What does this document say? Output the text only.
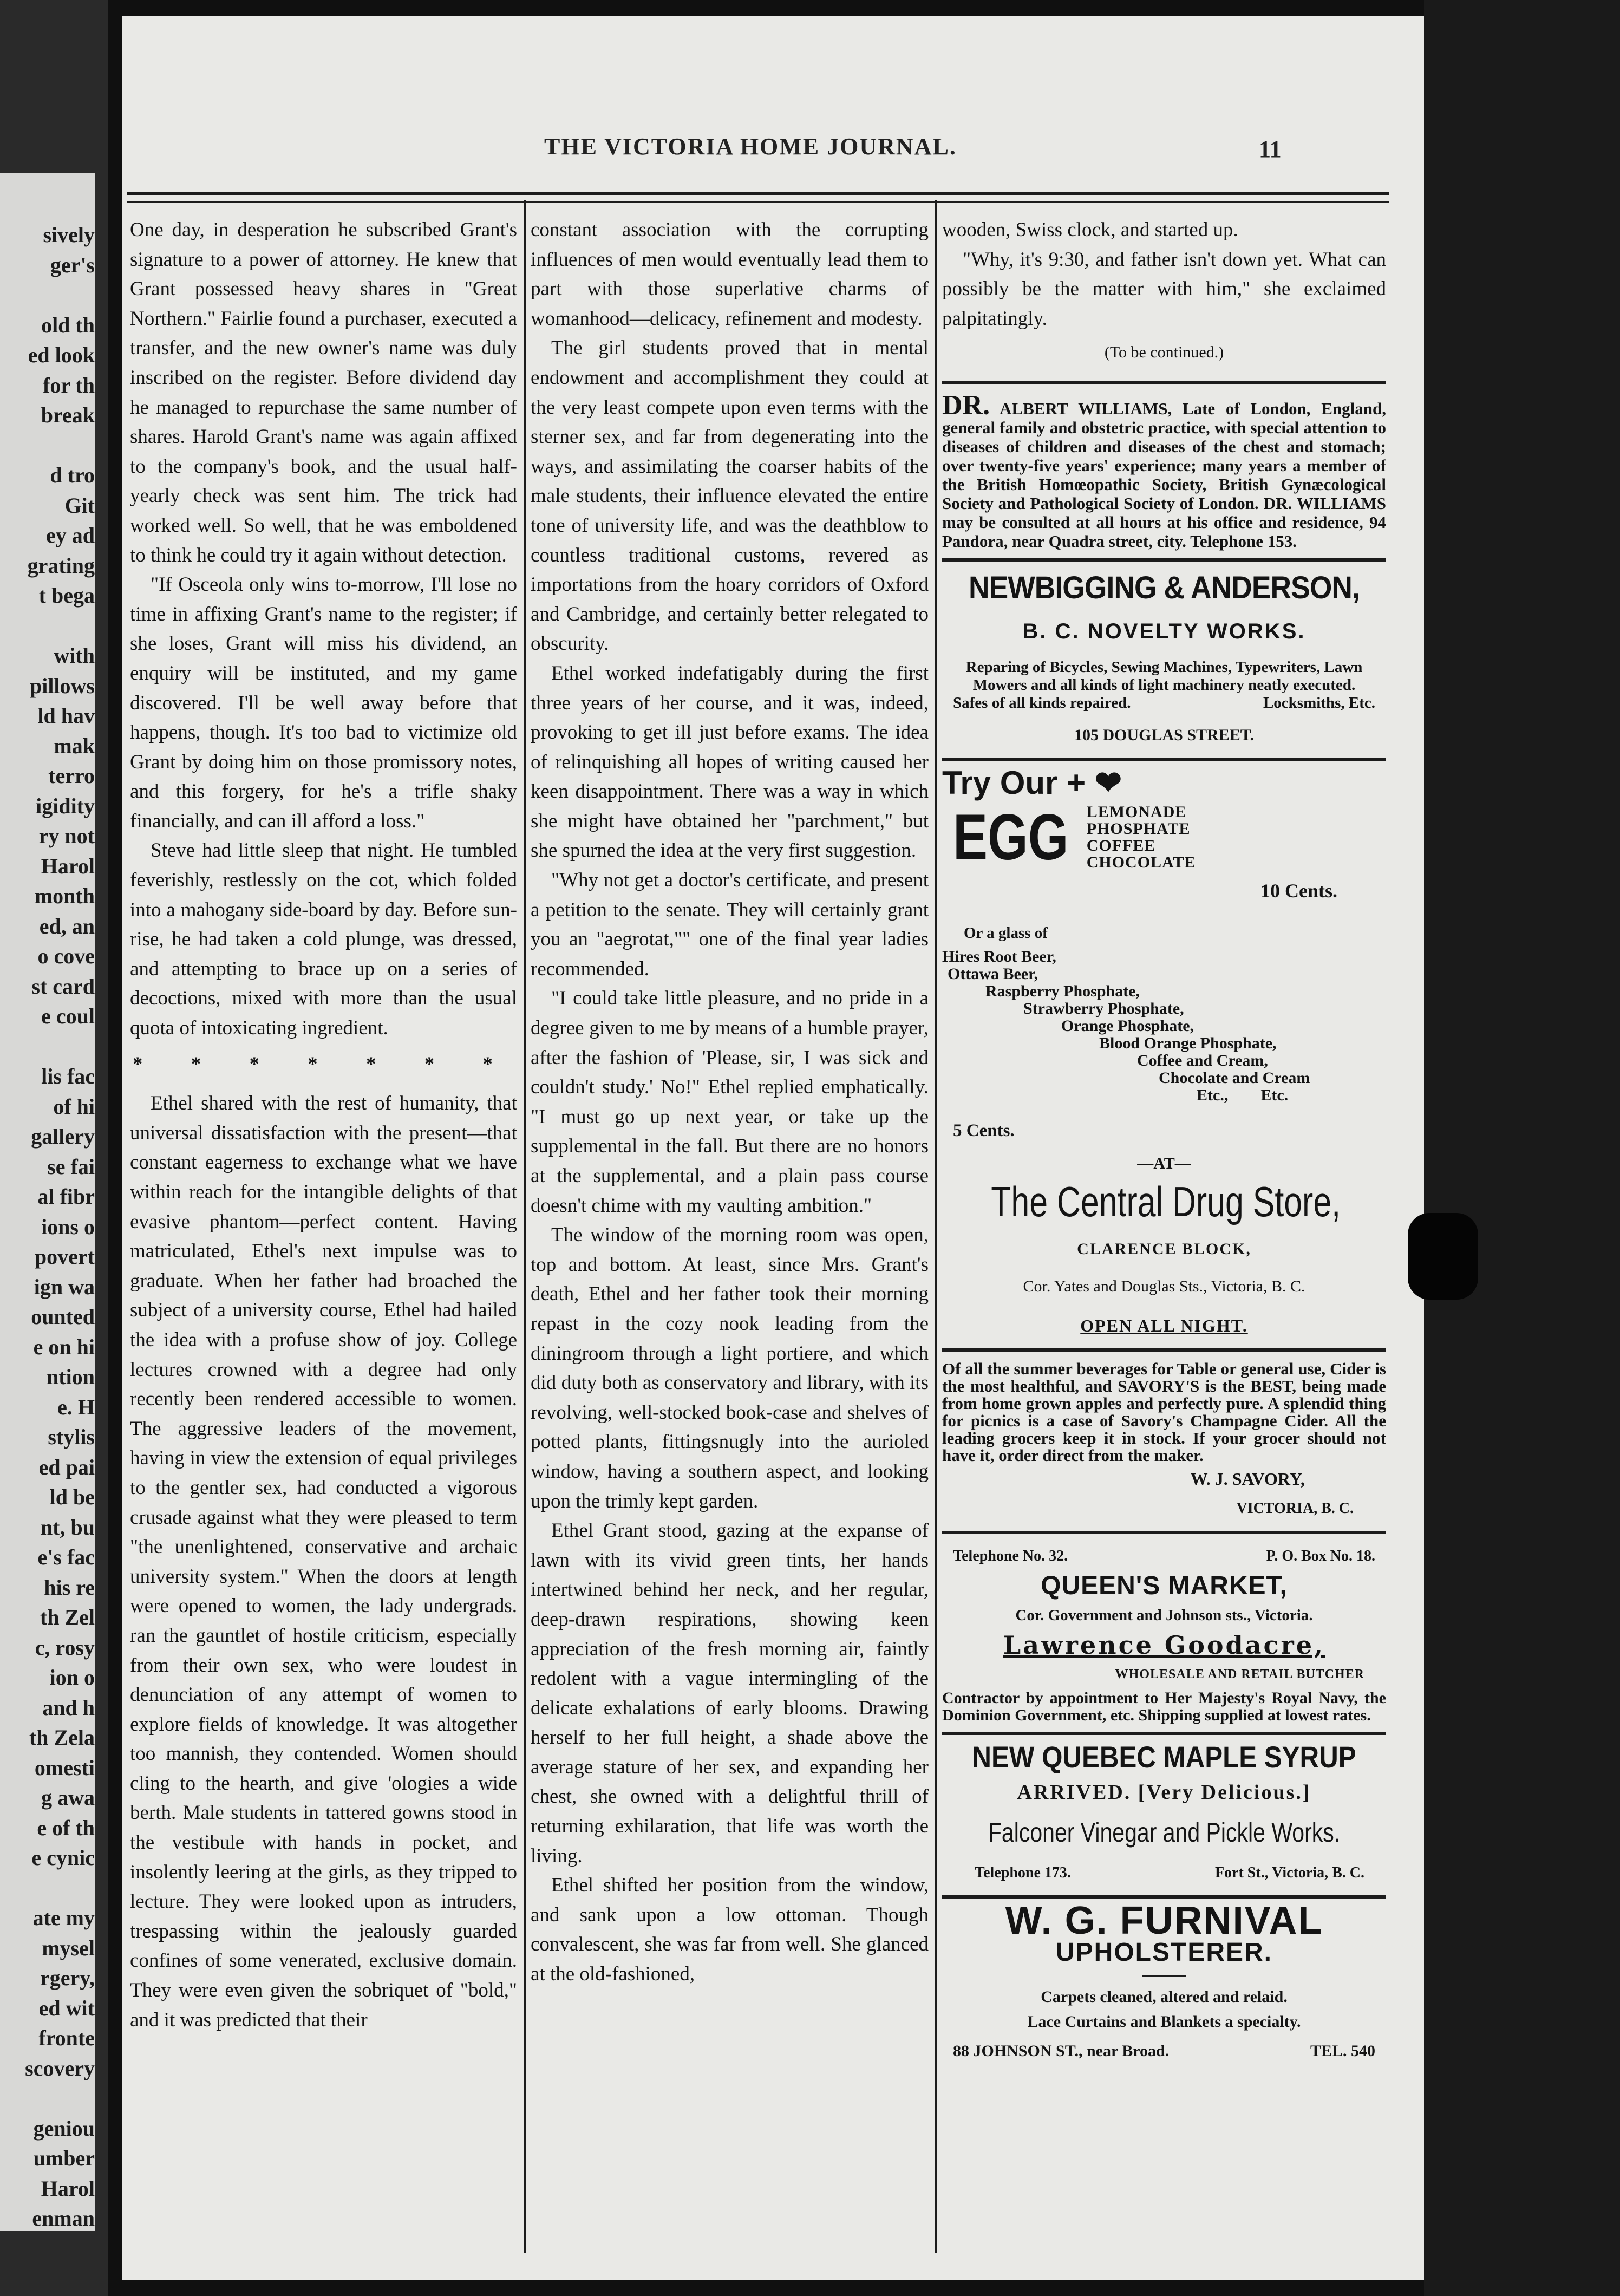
sively
ger's
old th
ed look
for th
break
d tro
Git
ey ad
grating
t bega
with
pillows
ld hav
mak
terro
igidity
ry not
Harol
month
ed, an
o cove
st card
e coul
lis fac
of hi
gallery
se fai
al fibr
ions o
povert
ign wa
ounted
e on hi
ntion
e. H
stylis
ed pai
ld be
nt, bu
e's fac
his re
th Zel
c, rosy
ion o
and h
th Zela
omesti
g awa
e of th
e cynic
ate my
mysel
rgery,
ed wit
fronte
scovery
geniou
umber
Harol
enman
THE VICTORIA HOME JOURNAL.	11

One day, in desperation he subscribed Grant's signature to a power of attorney. He knew that Grant possessed heavy shares in "Great Northern." Fairlie found a purchaser, executed a transfer, and the new owner's name was duly inscribed on the register. Before dividend day he managed to repurchase the same number of shares. Harold Grant's name was again affixed to the company's book, and the usual half-yearly check was sent him. The trick had worked well. So well, that he was emboldened to think he could try it again without detection.

"If Osceola only wins to-morrow, I'll lose no time in affixing Grant's name to the register; if she loses, Grant will miss his dividend, an enquiry will be instituted, and my game discovered. I'll be well away before that happens, though. It's too bad to victimize old Grant by doing him on those promissory notes, and this forgery, for he's a trifle shaky financially, and can ill afford a loss."

Steve had little sleep that night. He tumbled feverishly, restlessly on the cot, which folded into a mahogany side-board by day. Before sun-rise, he had taken a cold plunge, was dressed, and attempting to brace up on a series of decoctions, mixed with more than the usual quota of intoxicating ingredient.

* * * * * * *

Ethel shared with the rest of humanity, that universal dissatisfaction with the present—that constant eagerness to exchange what we have within reach for the intangible delights of that evasive phantom—perfect content. Having matriculated, Ethel's next impulse was to graduate. When her father had broached the subject of a university course, Ethel had hailed the idea with a profuse show of joy. College lectures crowned with a degree had only recently been rendered accessible to women. The aggressive leaders of the movement, having in view the extension of equal privileges to the gentler sex, had conducted a vigorous crusade against what they were pleased to term "the unenlightened, conservative and archaic university system." When the doors at length were opened to women, the lady undergrads. ran the gauntlet of hostile criticism, especially from their own sex, who were loudest in denunciation of any attempt of women to explore fields of knowledge. It was altogether too mannish, they contended. Women should cling to the hearth, and give 'ologies a wide berth. Male students in tattered gowns stood in the vestibule with hands in pocket, and insolently leering at the girls, as they tripped to lecture. They were looked upon as intruders, trespassing within the jealously guarded confines of some venerated, exclusive domain. They were even given the sobriquet of "bold," and it was predicted that their

constant association with the corrupting influences of men would eventually lead them to part with those superlative charms of womanhood—delicacy, refinement and modesty.

The girl students proved that in mental endowment and accomplishment they could at the very least compete upon even terms with the sterner sex, and far from degenerating into the ways, and assimilating the coarser habits of the male students, their influence elevated the entire tone of university life, and was the deathblow to countless traditional customs, revered as importations from the hoary corridors of Oxford and Cambridge, and certainly better relegated to obscurity.

Ethel worked indefatigably during the first three years of her course, and it was, indeed, provoking to get ill just before exams. The idea of relinquishing all hopes of writing caused her keen disappointment. There was a way in which she might have obtained her "parchment," but she spurned the idea at the very first suggestion.

"Why not get a doctor's certificate, and present a petition to the senate. They will certainly grant you an "aegrotat,"" one of the final year ladies recommended.

"I could take little pleasure, and no pride in a degree given to me by means of a humble prayer, after the fashion of 'Please, sir, I was sick and couldn't study.' No!" Ethel replied emphatically. "I must go up next year, or take up the supplemental in the fall. But there are no honors at the supplemental, and a plain pass course doesn't chime with my vaulting ambition."

The window of the morning room was open, top and bottom. At least, since Mrs. Grant's death, Ethel and her father took their morning repast in the cozy nook leading from the diningroom through a light portiere, and which did duty both as conservatory and library, with its revolving, well-stocked book-case and shelves of potted plants, fittingsnugly into the aurioled window, having a southern aspect, and looking upon the trimly kept garden.

Ethel Grant stood, gazing at the expanse of lawn with its vivid green tints, her hands intertwined behind her neck, and her regular, deep-drawn respirations, showing keen appreciation of the fresh morning air, faintly redolent with a vague intermingling of the delicate exhalations of early blooms. Drawing herself to her full height, a shade above the average stature of her sex, and expanding her chest, she owned with a delightful thrill of returning exhilaration, that life was worth the living.

Ethel shifted her position from the window, and sank upon a low ottoman. Though convalescent, she was far from well. She glanced at the old-fashioned,

wooden, Swiss clock, and started up.

"Why, it's 9:30, and father isn't down yet. What can possibly be the matter with him," she exclaimed palpitatingly.

(To be continued.)
DR. ALBERT WILLIAMS, Late of London, England, general family and obstetric practice, with special attention to diseases of children and diseases of the chest and stomach; over twenty-five years' experience; many years a member of the British Homœopathic Society, British Gynæcological Society and Pathological Society of London. DR. WILLIAMS may be consulted at all hours at his office and residence, 94 Pandora, near Quadra street, city. Telephone 153.
NEWBIGGING & ANDERSON,
B. C. NOVELTY WORKS.
Reparing of Bicycles, Sewing Machines, Typewriters, Lawn Mowers and all kinds of light machinery neatly executed.
Safes of all kinds repaired.	Locksmiths, Etc.
105 DOUGLAS STREET.
Try Our + ❤
EGG LEMONADE
PHOSPHATE
COFFEE
CHOCOLATE
10 Cents.
Or a glass of
Hires Root Beer,
Ottawa Beer,
Raspberry Phosphate,
Strawberry Phosphate,
Orange Phosphate,
Blood Orange Phosphate,
Coffee and Cream,
Chocolate and Cream
Etc.,        Etc.
5 Cents.
—AT—
The Central Drug Store,
CLARENCE BLOCK,
Cor. Yates and Douglas Sts., Victoria, B. C.
OPEN ALL NIGHT.
Of all the summer beverages for Table or general use, Cider is the most healthful, and SAVORY'S is the BEST, being made from home grown apples and perfectly pure. A splendid thing for picnics is a case of Savory's Champagne Cider. All the leading grocers keep it in stock. If your grocer should not have it, order direct from the maker.
W. J. SAVORY,
VICTORIA, B. C.
Telephone No. 32.	P. O. Box No. 18.
QUEEN'S MARKET,
Cor. Government and Johnson sts., Victoria.
Lawrence Goodacre,
WHOLESALE AND RETAIL BUTCHER
Contractor by appointment to Her Majesty's Royal Navy, the Dominion Government, etc. Shipping supplied at lowest rates.
NEW QUEBEC MAPLE SYRUP
ARRIVED. [Very Delicious.]
Falconer Vinegar and Pickle Works.
Telephone 173.	Fort St., Victoria, B. C.
W. G. FURNIVAL
UPHOLSTERER.
Carpets cleaned, altered and relaid.
Lace Curtains and Blankets a specialty.
88 JOHNSON ST., near Broad.	TEL. 540
